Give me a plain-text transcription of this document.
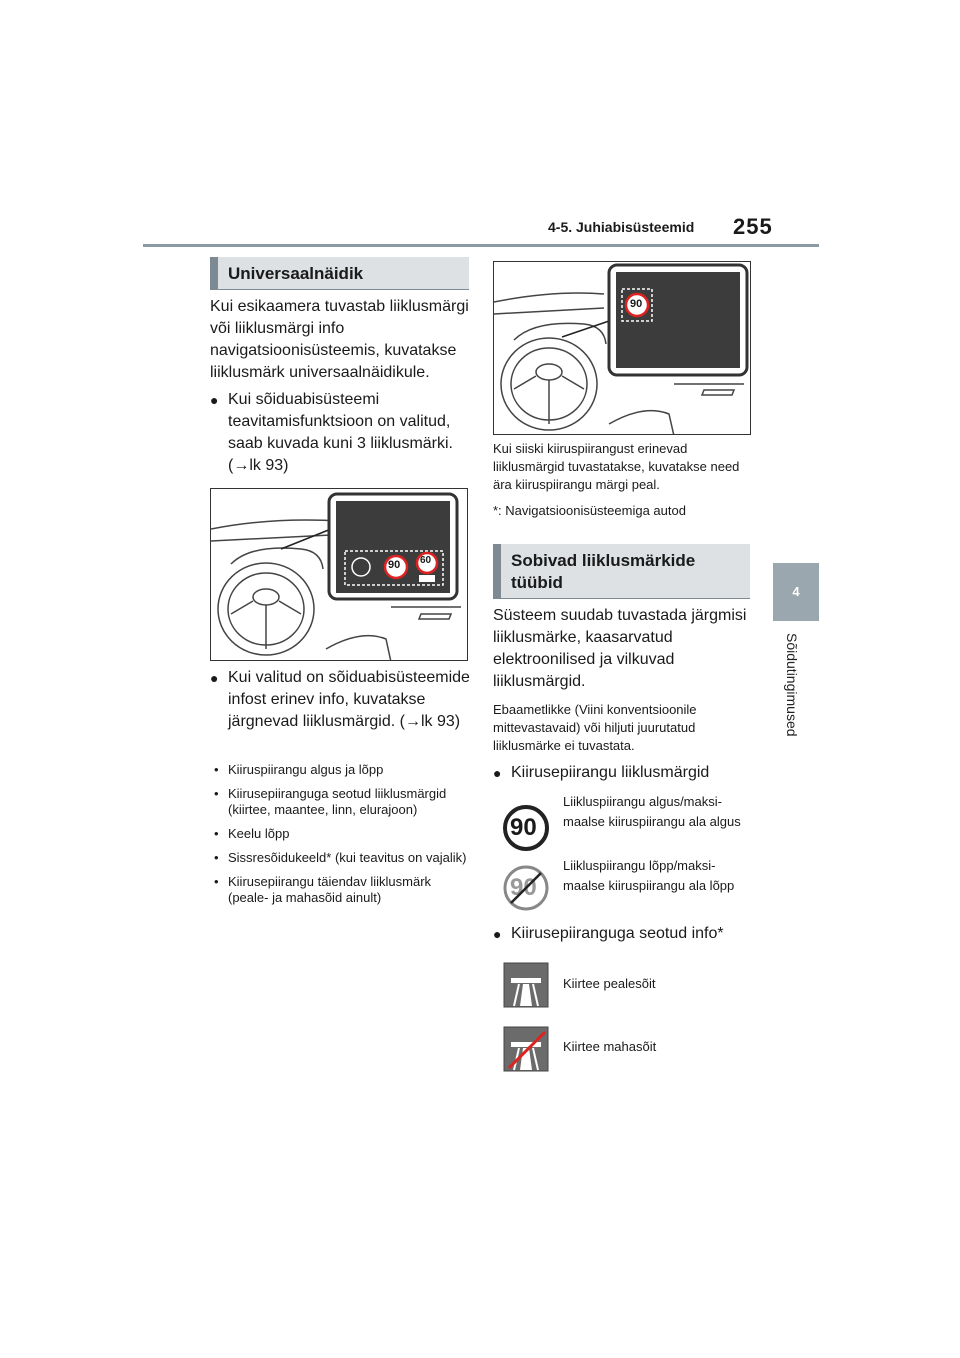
4-5. Juhiabisüsteemid 255
4
Sõidutingimused
Universaalnäidik
Kui esikaamera tuvastab liiklusmärgi või liiklusmärgi info navigatsioonisüsteemis, kuvatakse liiklusmärk universaalnäidikule.
● Kui sõiduabisüsteemi teavitamisfunktsioon on valitud, saab kuvada kuni 3 liiklusmärki. (→lk 93)
90 60
● Kui valitud on sõiduabisüsteemide infost erinev info, kuvatakse järgnevad liiklusmärgid. (→lk 93)
• Kiiruspiirangu algus ja lõpp
• Kiirusepiiranguga seotud liiklusmärgid (kiirtee, maantee, linn, elurajoon)
• Keelu lõpp
• Sissresõidukeeld* (kui teavitus on vajalik)
• Kiirusepiirangu täiendav liiklusmärk (peale- ja mahasõid ainult)
90
Kui siiski kiiruspiirangust erinevad liiklusmärgid tuvastatakse, kuvatakse need ära kiiruspiirangu märgi peal.
*: Navigatsioonisüsteemiga autod
Sobivad liiklusmärkide tüübid
Süsteem suudab tuvastada järgmisi liiklusmärke, kaasarvatud elektroonilised ja vilkuvad liiklusmärgid.
Ebaametlikke (Viini konventsioonile mittevastavaid) või hiljuti juurutatud liiklusmärke ei tuvastata.
● Kiirusepiirangu liiklusmärgid
90
Liikluspiirangu algus/maksi-maalse kiiruspiirangu ala algus
90
Liikluspiirangu lõpp/maksi-maalse kiiruspiirangu ala lõpp
● Kiirusepiiranguga seotud info*
Kiirtee pealesõit
Kiirtee mahasõit
